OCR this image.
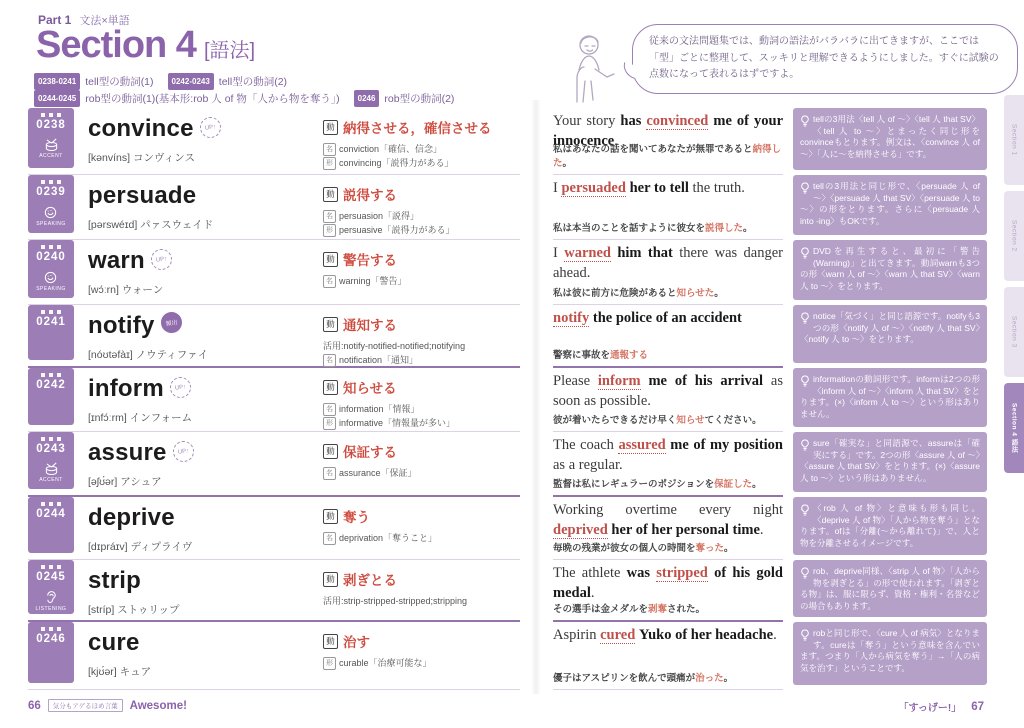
Part 1 文法×単語
Section 4 [語法]
0238-0241 tell型の動詞(1) 0242-0243 tell型の動詞(2)
0244-0245 rob型の動詞(1)(基本形:rob 人 of 物「人から物を奪う」) 0246 rob型の動詞(2)
従来の文法問題集では、動詞の語法がバラバラに出てきますが、ここでは「型」ごとに整理して、スッキリと理解できるようにしました。すぐに試験の点数になって表れるはずですよ。
0238
ACCENT
convince UP↑
[kənvíns] コンヴィンス
動 納得させる，確信させる
名 conviction「確信、信念」
形 convincing「説得力がある」
0239
SPEAKING
persuade
[pərswéɪd] パァスウェイド
動 説得する
名 persuasion「説得」
形 persuasive「説得力がある」
0240
SPEAKING
warn UP↑
[wɔ́ːrn] ウォーン
動 警告する
名 warning「警告」
0241 notify 頻出
[nóʊtəfàɪ] ノウティファイ
動 通知する
活用:notify-notified-notified;notifying
名 notification「通知」
0242 inform UP↑
[ɪnfɔ́ːrm] インフォーム
動 知らせる
名 information「情報」
形 informative「情報量が多い」
0243
ACCENT
assure UP↑
[əʃʊ́ər] アシュア
動 保証する
名 assurance「保証」
0244 deprive
[dɪpráɪv] ディプライヴ
動 奪う
名 deprivation「奪うこと」
0245
LISTENING
strip
[stríp] ストゥリップ
動 剥ぎとる
活用:strip-stripped-stripped;stripping
0246 cure
[kjʊ́ər] キュア
動 治す
形 curable「治療可能な」

Your story has convinced me of your innocence.

私はあなたの話を聞いてあなたが無罪であると納得した。

I persuaded her to tell the truth.

私は本当のことを話すように彼女を説得した。

I warned him that there was danger ahead.

私は彼に前方に危険があると知らせた。

notify the police of an accident

警察に事故を通報する

Please inform me of his arrival as soon as possible.

彼が着いたらできるだけ早く知らせてください。

The coach assured me of my position as a regular.

監督は私にレギュラーのポジションを保証した。

Working overtime every night deprived her of her personal time.

毎晩の残業が彼女の個人の時間を奪った。

The athlete was stripped of his gold medal.

その選手は金メダルを剥奪された。

Aspirin cured Yuko of her headache.

優子はアスピリンを飲んで頭痛が治った。

tellの3用法〈tell 人 of 〜〉〈tell 人 that SV〉〈tell 人 to 〜〉とまったく同じ形をconvinceもとります。例文は、〈convince 人 of 〜〉「人に〜を納得させる」です。
tellの3用法と同じ形で、〈persuade 人 of 〜〉〈persuade 人 that SV〉〈persuade 人 to 〜〉の形をとります。さらに〈persuade 人 into -ing〉もOKです。
DVDを再生すると、最初に「警告(Warning)」と出てきます。動詞warnも3つの形〈warn 人 of 〜〉〈warn 人 that SV〉〈warn 人 to 〜〉をとります。
notice「気づく」と同じ語源です。notifyも3つの形〈notify 人 of 〜〉〈notify 人 that SV〉〈notify 人 to 〜〉をとります。
informationの動詞形です。informは2つの形〈inform 人 of 〜〉〈inform 人 that SV〉をとります。(×)〈inform 人 to 〜〉という形はありません。
sure「確実な」と同語源で、assureは「確実にする」です。2つの形〈assure 人 of 〜〉〈assure 人 that SV〉をとります。(×)〈assure 人 to 〜〉という形はありません。
〈rob 人 of 物〉と意味も形も同じ。〈deprive 人 of 物〉「人から物を奪う」となります。ofは「分離(〜から離れて)」で、人と物を分離させるイメージです。
rob、deprive同様、〈strip 人 of 物〉「人から物を剥ぎとる」の形で使われます。「剥ぎとる物」は、服に限らず、資格・権利・名誉などの場合もあります。
robと同じ形で、〈cure 人 of 病気〉となります。cureは「奪う」という意味を含んでいます。つまり「人から病気を奪う」→「人の病気を治す」ということです。
Section 1
Section 2
Section 3
Section 4 語法
66	気分もアゲるほめ言葉	Awesome!	「すっげー!」 67
